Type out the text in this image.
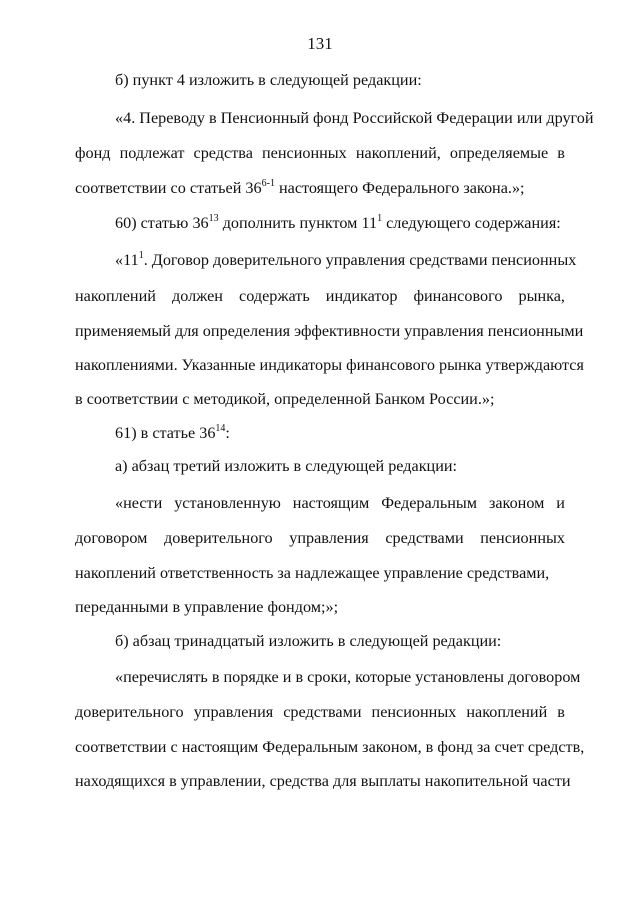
131
б) пункт 4 изложить в следующей редакции:
«4. Переводу в Пенсионный фонд Российской Федерации или другой
фонд подлежат средства пенсионных накоплений, определяемые в
соответствии со статьей 36$^{6-1}$ настоящего Федерального закона.»;
60) статью $36^{13}$ дополнить пунктом $11^1$ следующего содержания:
«$11^1$. Договор доверительного управления средствами пенсионных
накоплений должен содержать индикатор финансового рынка,
применяемый для определения эффективности управления пенсионными
накоплениями. Указанные индикаторы финансового рынка утверждаются
в соответствии с методикой, определенной Банком России.»;
61) в статье $36^{14}$:
а) абзац третий изложить в следующей редакции:
«нести установленную настоящим Федеральным законом и
договором доверительного управления средствами пенсионных
накоплений ответственность за надлежащее управление средствами,
переданными в управление фондом;»;
б) абзац тринадцатый изложить в следующей редакции:
«перечислять в порядке и в сроки, которые установлены договором
доверительного управления средствами пенсионных накоплений в
соответствии с настоящим Федеральным законом, в фонд за счет средств,
находящихся в управлении, средства для выплаты накопительной части
